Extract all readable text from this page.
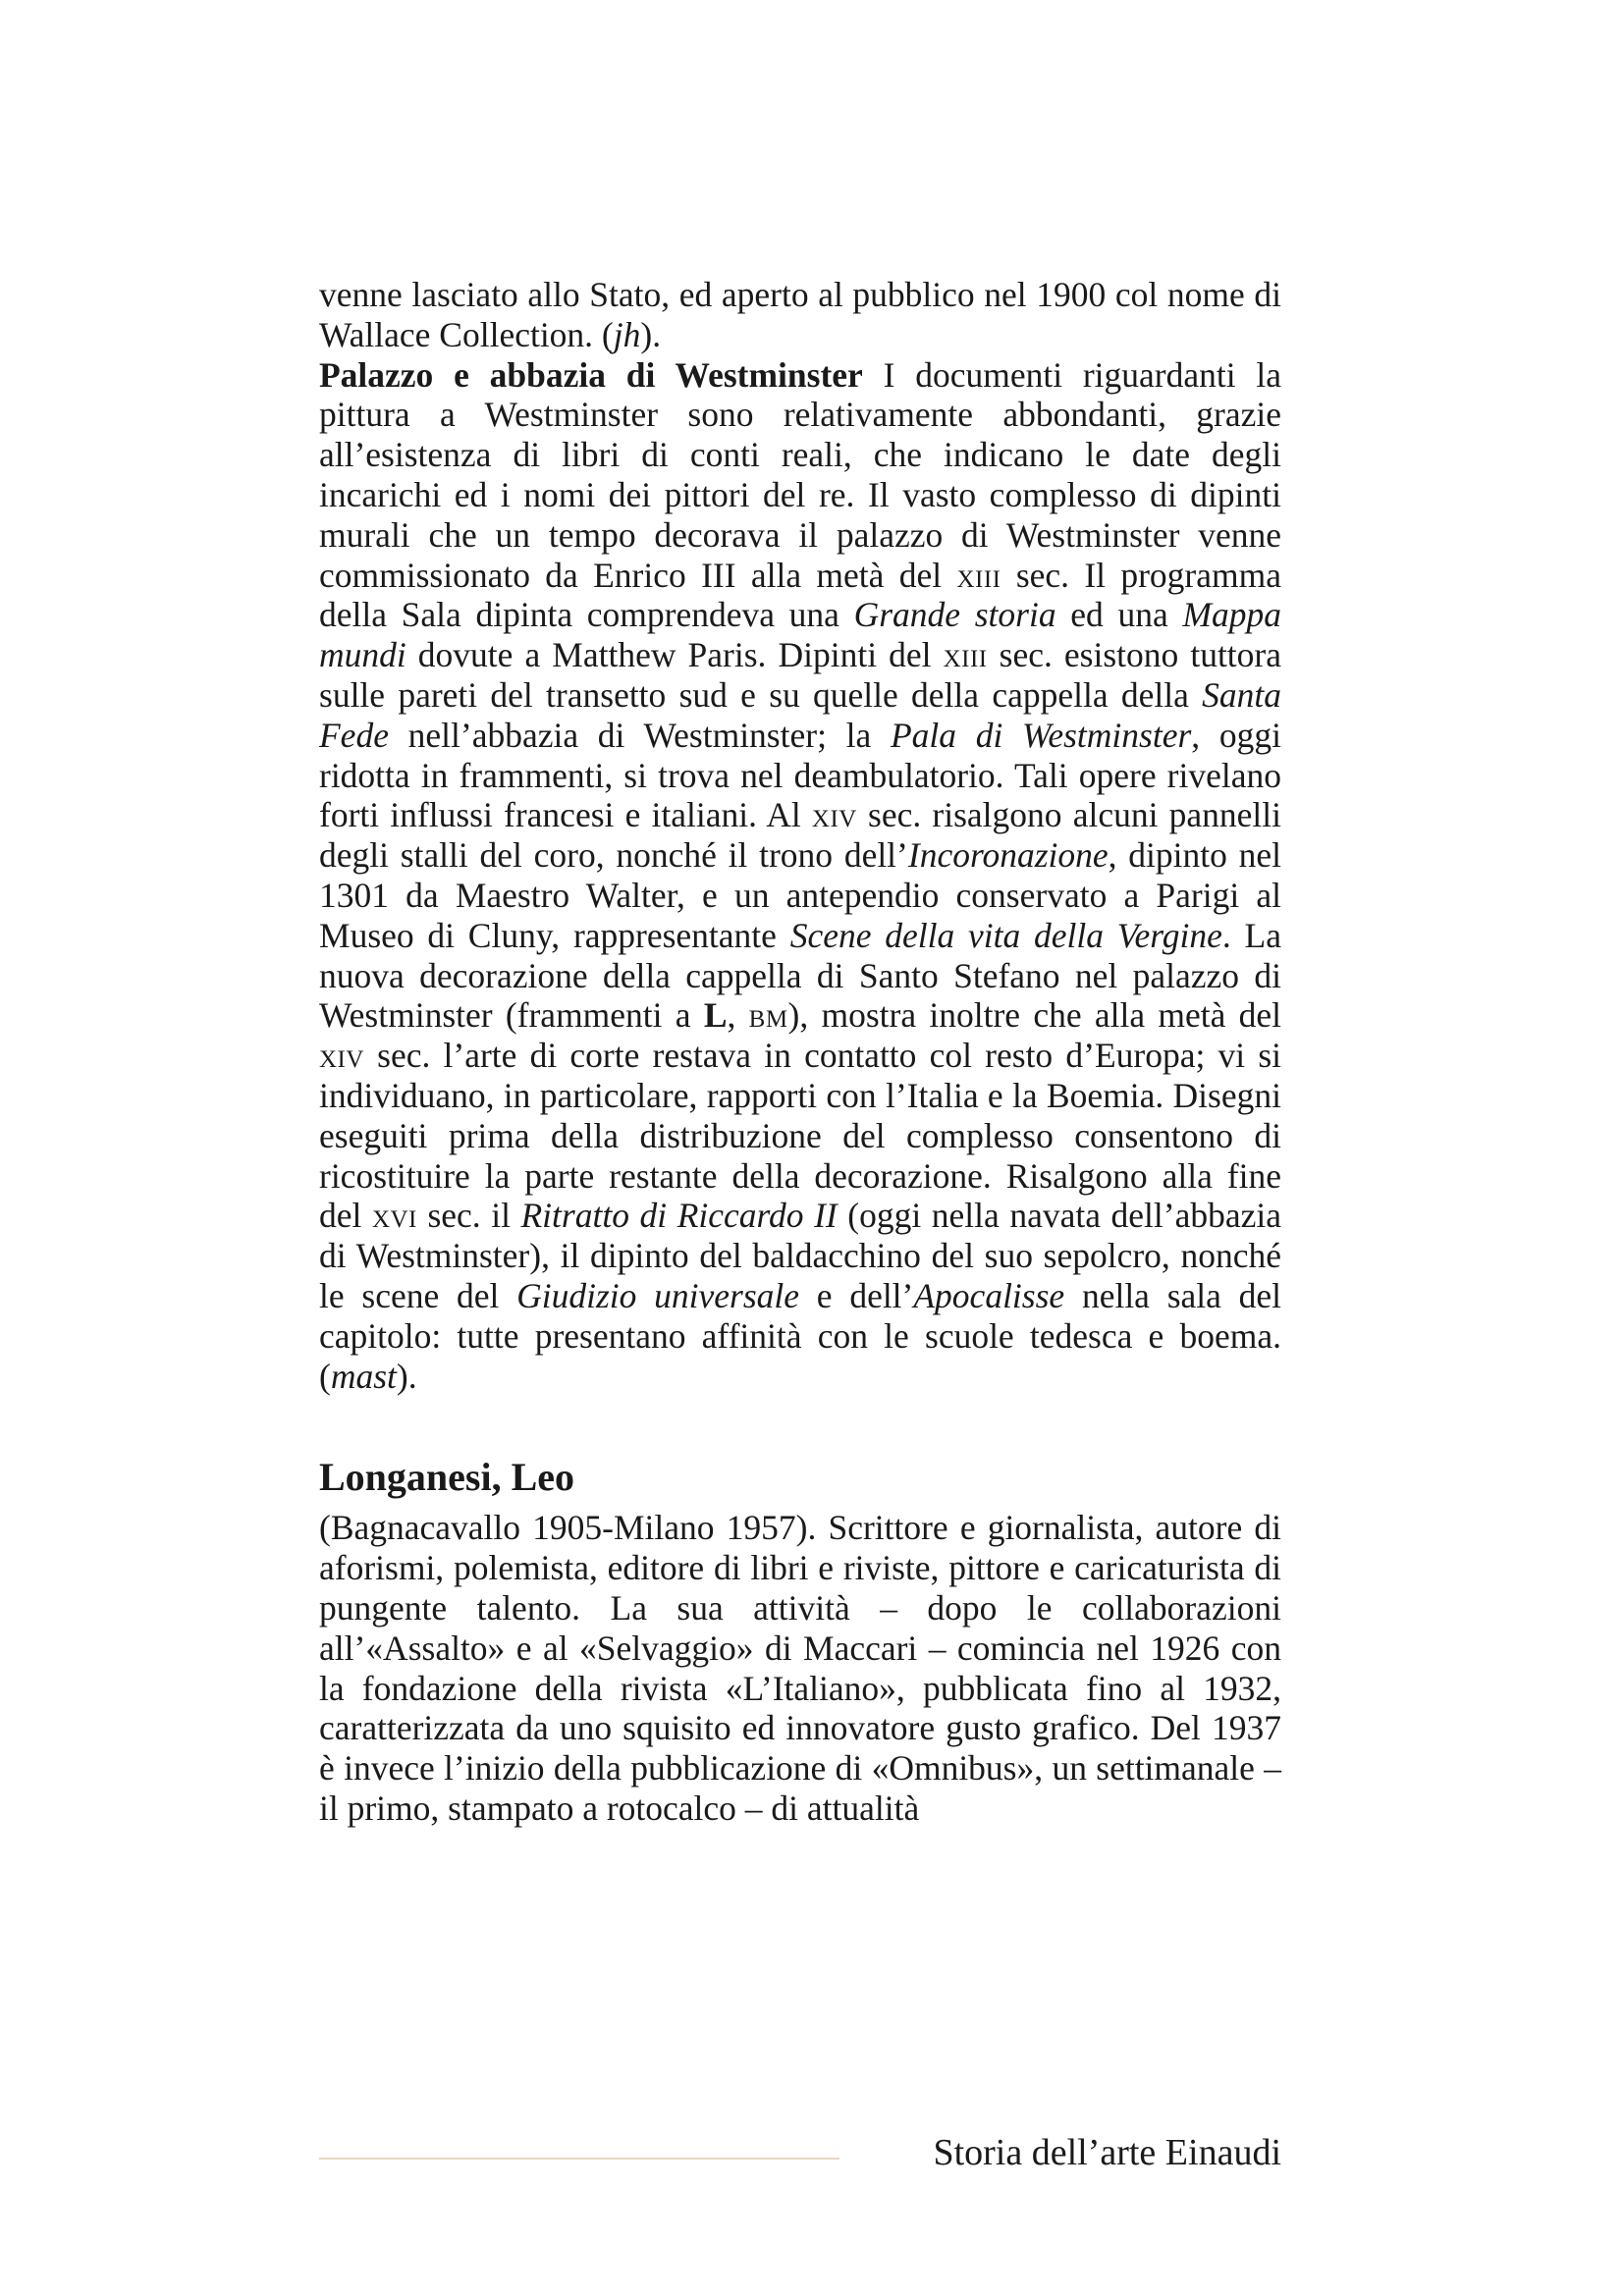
venne lasciato allo Stato, ed aperto al pubblico nel 1900 col nome di Wallace Collection. (jh).

Palazzo e abbazia di Westminster I documenti riguardanti la pittura a Westminster sono relativamente abbondanti, grazie all’esistenza di libri di conti reali, che indicano le date degli incarichi ed i nomi dei pittori del re. Il vasto complesso di dipinti murali che un tempo decorava il palazzo di Westminster venne commissionato da Enrico III alla metà del xiii sec. Il programma della Sala dipinta comprendeva una Grande storia ed una Mappa mundi dovute a Matthew Paris. Dipinti del xiii sec. esistono tuttora sulle pareti del transetto sud e su quelle della cappella della Santa Fede nell’abbazia di Westminster; la Pala di Westminster, oggi ridotta in frammenti, si trova nel deambulatorio. Tali opere rivelano forti influssi francesi e italiani. Al xiv sec. risalgono alcuni pannelli degli stalli del coro, nonché il trono dell’Incoronazione, dipinto nel 1301 da Maestro Walter, e un antependio conservato a Parigi al Museo di Cluny, rappresentante Scene della vita della Vergine. La nuova decorazione della cappella di Santo Stefano nel palazzo di Westminster (frammenti a L, bm), mostra inoltre che alla metà del xiv sec. l’arte di corte restava in contatto col resto d’Europa; vi si individuano, in particolare, rapporti con l’Italia e la Boemia. Disegni eseguiti prima della distribuzione del complesso consentono di ricostituire la parte restante della decorazione. Risalgono alla fine del xvi sec. il Ritratto di Riccardo II (oggi nella navata dell’abbazia di Westminster), il dipinto del baldacchino del suo sepolcro, nonché le scene del Giudizio universale e dell’Apocalisse nella sala del capitolo: tutte presentano affinità con le scuole tedesca e boema. (mast).

Longanesi, Leo

(Bagnacavallo 1905-Milano 1957). Scrittore e giornalista, autore di aforismi, polemista, editore di libri e riviste, pittore e caricaturista di pungente talento. La sua attività – dopo le collaborazioni all’«Assalto» e al «Selvaggio» di Maccari – comincia nel 1926 con la fondazione della rivista «L’Italiano», pubblicata fino al 1932, caratterizzata da uno squisito ed innovatore gusto grafico. Del 1937 è invece l’inizio della pubblicazione di «Omnibus», un settimanale – il primo, stampato a rotocalco – di attualità

Storia dell’arte Einaudi
